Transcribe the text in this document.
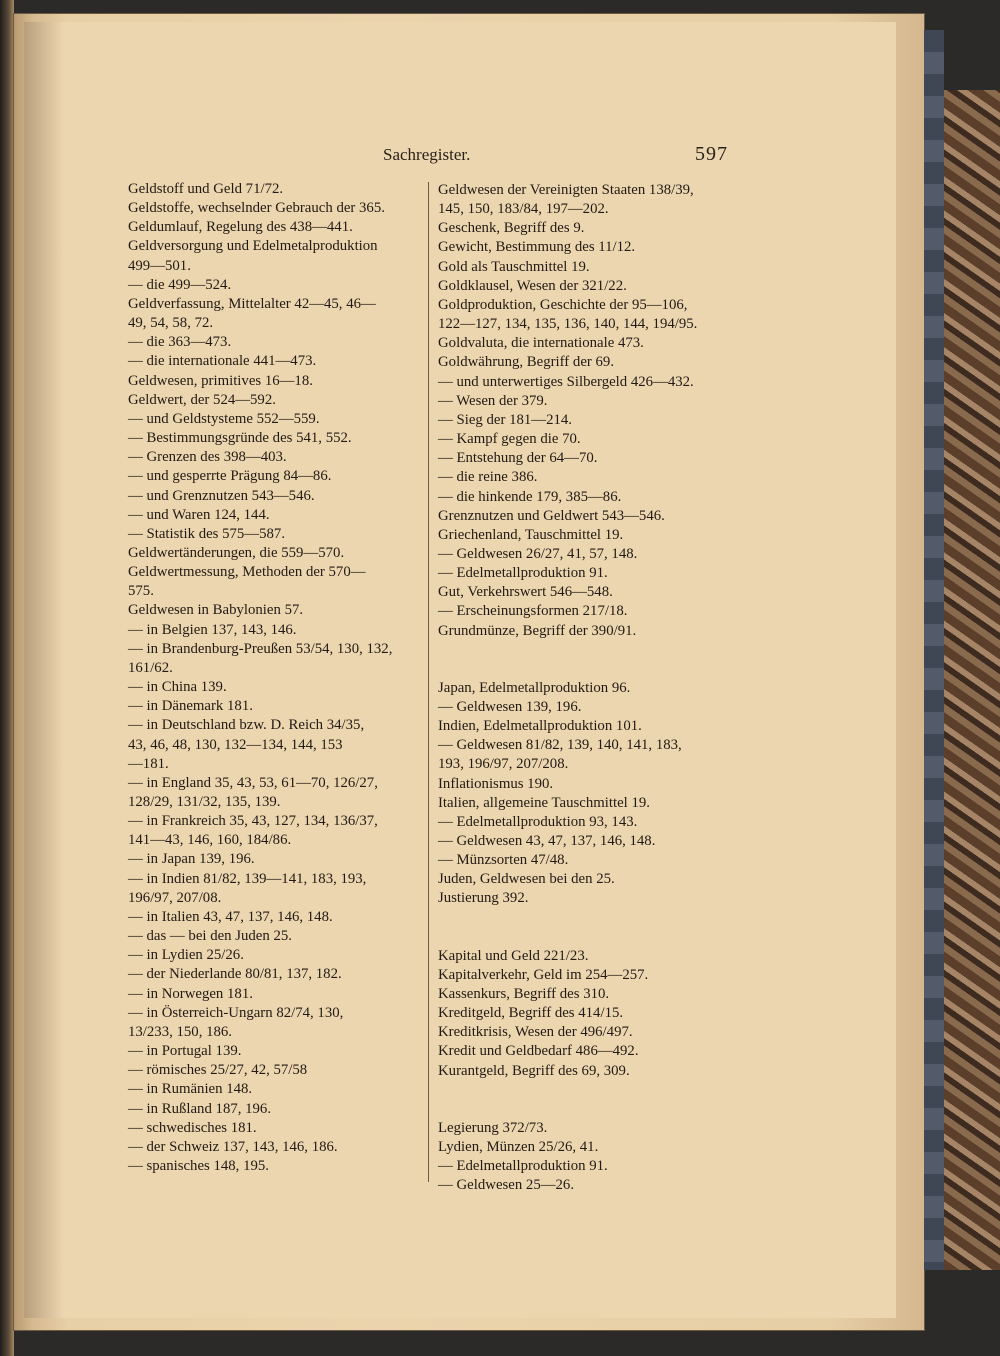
Sachregister.	597
Geldstoff und Geld 71/72.
Geldstoffe, wechselnder Gebrauch der 365.
Geldumlauf, Regelung des 438—441.
Geldversorgung und Edelmetalproduktion
499—501.
— die 499—524.
Geldverfassung, Mittelalter 42—45, 46—
49, 54, 58, 72.
— die 363—473.
— die internationale 441—473.
Geldwesen, primitives 16—18.
Geldwert, der 524—592.
— und Geldstysteme 552—559.
— Bestimmungsgründe des 541, 552.
— Grenzen des 398—403.
— und gesperrte Prägung 84—86.
— und Grenznutzen 543—546.
— und Waren 124, 144.
— Statistik des 575—587.
Geldwertänderungen, die 559—570.
Geldwertmessung, Methoden der 570—
575.
Geldwesen in Babylonien 57.
— in Belgien 137, 143, 146.
— in Brandenburg-Preußen 53/54, 130, 132,
161/62.
— in China 139.
— in Dänemark 181.
— in Deutschland bzw. D. Reich 34/35,
43, 46, 48, 130, 132—134, 144, 153
—181.
— in England 35, 43, 53, 61—70, 126/27,
128/29, 131/32, 135, 139.
— in Frankreich 35, 43, 127, 134, 136/37,
141—43, 146, 160, 184/86.
— in Japan 139, 196.
— in Indien 81/82, 139—141, 183, 193,
196/97, 207/08.
— in Italien 43, 47, 137, 146, 148.
— das — bei den Juden 25.
— in Lydien 25/26.
— der Niederlande 80/81, 137, 182.
— in Norwegen 181.
— in Österreich-Ungarn 82/74, 130,
13/233, 150, 186.
— in Portugal 139.
— römisches 25/27, 42, 57/58
— in Rumänien 148.
— in Rußland 187, 196.
— schwedisches 181.
— der Schweiz 137, 143, 146, 186.
— spanisches 148, 195.
Geldwesen der Vereinigten Staaten 138/39,
145, 150, 183/84, 197—202.
Geschenk, Begriff des 9.
Gewicht, Bestimmung des 11/12.
Gold als Tauschmittel 19.
Goldklausel, Wesen der 321/22.
Goldproduktion, Geschichte der 95—106,
122—127, 134, 135, 136, 140, 144, 194/95.
Goldvaluta, die internationale 473.
Goldwährung, Begriff der 69.
— und unterwertiges Silbergeld 426—432.
— Wesen der 379.
— Sieg der 181—214.
— Kampf gegen die 70.
— Entstehung der 64—70.
— die reine 386.
— die hinkende 179, 385—86.
Grenznutzen und Geldwert 543—546.
Griechenland, Tauschmittel 19.
— Geldwesen 26/27, 41, 57, 148.
— Edelmetallproduktion 91.
Gut, Verkehrswert 546—548.
— Erscheinungsformen 217/18.
Grundmünze, Begriff der 390/91.
Japan, Edelmetallproduktion 96.
— Geldwesen 139, 196.
Indien, Edelmetallproduktion 101.
— Geldwesen 81/82, 139, 140, 141, 183,
193, 196/97, 207/208.
Inflationismus 190.
Italien, allgemeine Tauschmittel 19.
— Edelmetallproduktion 93, 143.
— Geldwesen 43, 47, 137, 146, 148.
— Münzsorten 47/48.
Juden, Geldwesen bei den 25.
Justierung 392.
Kapital und Geld 221/23.
Kapitalverkehr, Geld im 254—257.
Kassenkurs, Begriff des 310.
Kreditgeld, Begriff des 414/15.
Kreditkrisis, Wesen der 496/497.
Kredit und Geldbedarf 486—492.
Kurantgeld, Begriff des 69, 309.
Legierung 372/73.
Lydien, Münzen 25/26, 41.
— Edelmetallproduktion 91.
— Geldwesen 25—26.
